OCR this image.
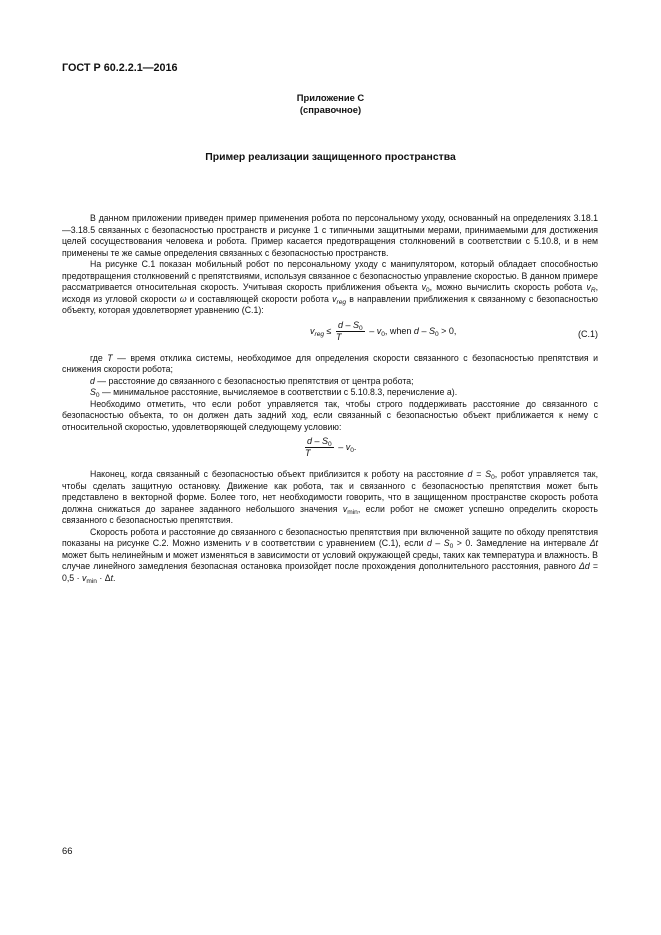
ГОСТ Р 60.2.2.1—2016
Приложение С
(справочное)
Пример реализации защищенного пространства

В данном приложении приведен пример применения робота по персональному уходу, основанный на определениях 3.18.1—3.18.5 связанных с безопасностью пространств и рисунке 1 с типичными защитными мерами, принимаемыми для достижения целей сосуществования человека и робота. Пример касается предотвращения столкновений в соответствии с 5.10.8, и в нем применены те же самые определения связанных с безопасностью пространств.

На рисунке С.1 показан мобильный робот по персональному уходу с манипулятором, который обладает способностью предотвращения столкновений с препятствиями, используя связанное с безопасностью управление скоростью. В данном примере рассматривается относительная скорость. Учитывая скорость приближения объекта $v_0$, можно вычислить скорость робота $v_R$, исходя из угловой скорости ω и составляющей скорости робота $v_{reg}$ в направлении приближения к связанному с безопасностью объекту, которая удовлетворяет уравнению (С.1):

$v_{reg} \le \frac{d - S_0}{T} - v_0$, when $d - S_0 > 0$,	(С.1)

где T — время отклика системы, необходимое для определения скорости связанного с безопасностью препятствия и снижения скорости робота;

d — расстояние до связанного с безопасностью препятствия от центра робота;

$S_0$ — минимальное расстояние, вычисляемое в соответствии с 5.10.8.3, перечисление а).

Необходимо отметить, что если робот управляется так, чтобы строго поддерживать расстояние до связанного с безопасностью объекта, то он должен дать задний ход, если связанный с безопасностью объект приближается к нему с относительной скоростью, удовлетворяющей следующему условию:

$\frac{d - S_0}{T} - v_0$.

Наконец, когда связанный с безопасностью объект приблизится к роботу на расстояние $d = S_0$, робот управляется так, чтобы сделать защитную остановку. Движение как робота, так и связанного с безопасностью препятствия может быть представлено в векторной форме. Более того, нет необходимости говорить, что в защищенном пространстве скорость робота должна снижаться до заранее заданного небольшого значения $v_{min}$, если робот не сможет успешно определить скорость связанного с безопасностью препятствия.

Скорость робота и расстояние до связанного с безопасностью препятствия при включенной защите по обходу препятствия показаны на рисунке С.2. Можно изменить v в соответствии с уравнением (С.1), если $d - S_0 > 0$. Замедление на интервале Δt может быть нелинейным и может изменяться в зависимости от условий окружающей среды, таких как температура и влажность. В случае линейного замедления безопасная остановка произойдет после прохождения дополнительного расстояния, равного $\Delta d = 0,5 \cdot v_{min} \cdot \Delta t$.

66
